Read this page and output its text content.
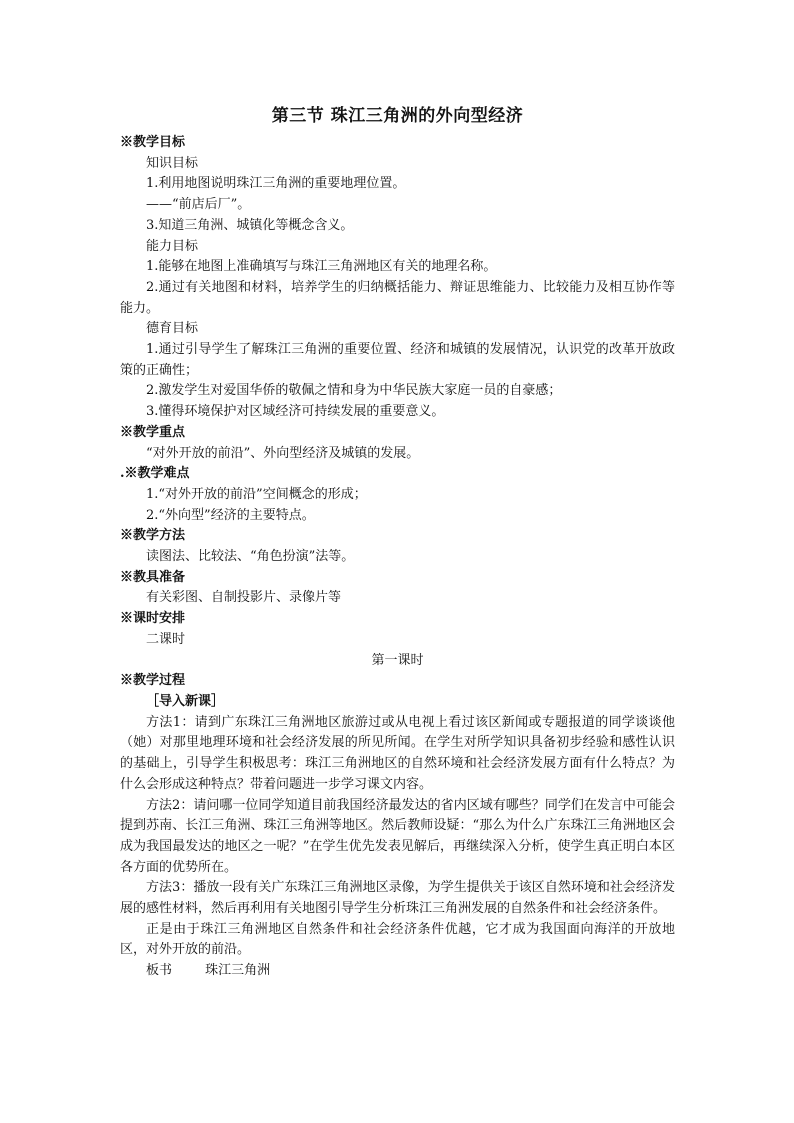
第三节 珠江三角洲的外向型经济
※教学目标
知识目标
1.利用地图说明珠江三角洲的重要地理位置。
——“前店后厂”。
3.知道三角洲、城镇化等概念含义。
能力目标
1.能够在地图上准确填写与珠江三角洲地区有关的地理名称。

2.通过有关地图和材料，培养学生的归纳概括能力、辩证思维能力、比较能力及相互协作等能力。

德育目标

1.通过引导学生了解珠江三角洲的重要位置、经济和城镇的发展情况，认识党的改革开放政策的正确性；

2.激发学生对爱国华侨的敬佩之情和身为中华民族大家庭一员的自豪感；
3.懂得环境保护对区域经济可持续发展的重要意义。
※教学重点
“对外开放的前沿”、外向型经济及城镇的发展。
.※教学难点
1.“对外开放的前沿”空间概念的形成；
2.“外向型”经济的主要特点。
※教学方法
读图法、比较法、“角色扮演”法等。
※教具准备
有关彩图、自制投影片、录像片等
※课时安排
二课时
第一课时
※教学过程
［导入新课］

方法1：请到广东珠江三角洲地区旅游过或从电视上看过该区新闻或专题报道的同学谈谈他（她）对那里地理环境和社会经济发展的所见所闻。在学生对所学知识具备初步经验和感性认识的基础上，引导学生积极思考：珠江三角洲地区的自然环境和社会经济发展方面有什么特点？为什么会形成这种特点？带着问题进一步学习课文内容。

方法2：请问哪一位同学知道目前我国经济最发达的省内区域有哪些？同学们在发言中可能会提到苏南、长江三角洲、珠江三角洲等地区。然后教师设疑：“那么为什么广东珠江三角洲地区会成为我国最发达的地区之一呢？”在学生优先发表见解后，再继续深入分析，使学生真正明白本区各方面的优势所在。

方法3：播放一段有关广东珠江三角洲地区录像，为学生提供关于该区自然环境和社会经济发展的感性材料，然后再利用有关地图引导学生分析珠江三角洲发展的自然条件和社会经济条件。

正是由于珠江三角洲地区自然条件和社会经济条件优越，它才成为我国面向海洋的开放地区，对外开放的前沿。

板书	珠江三角洲
